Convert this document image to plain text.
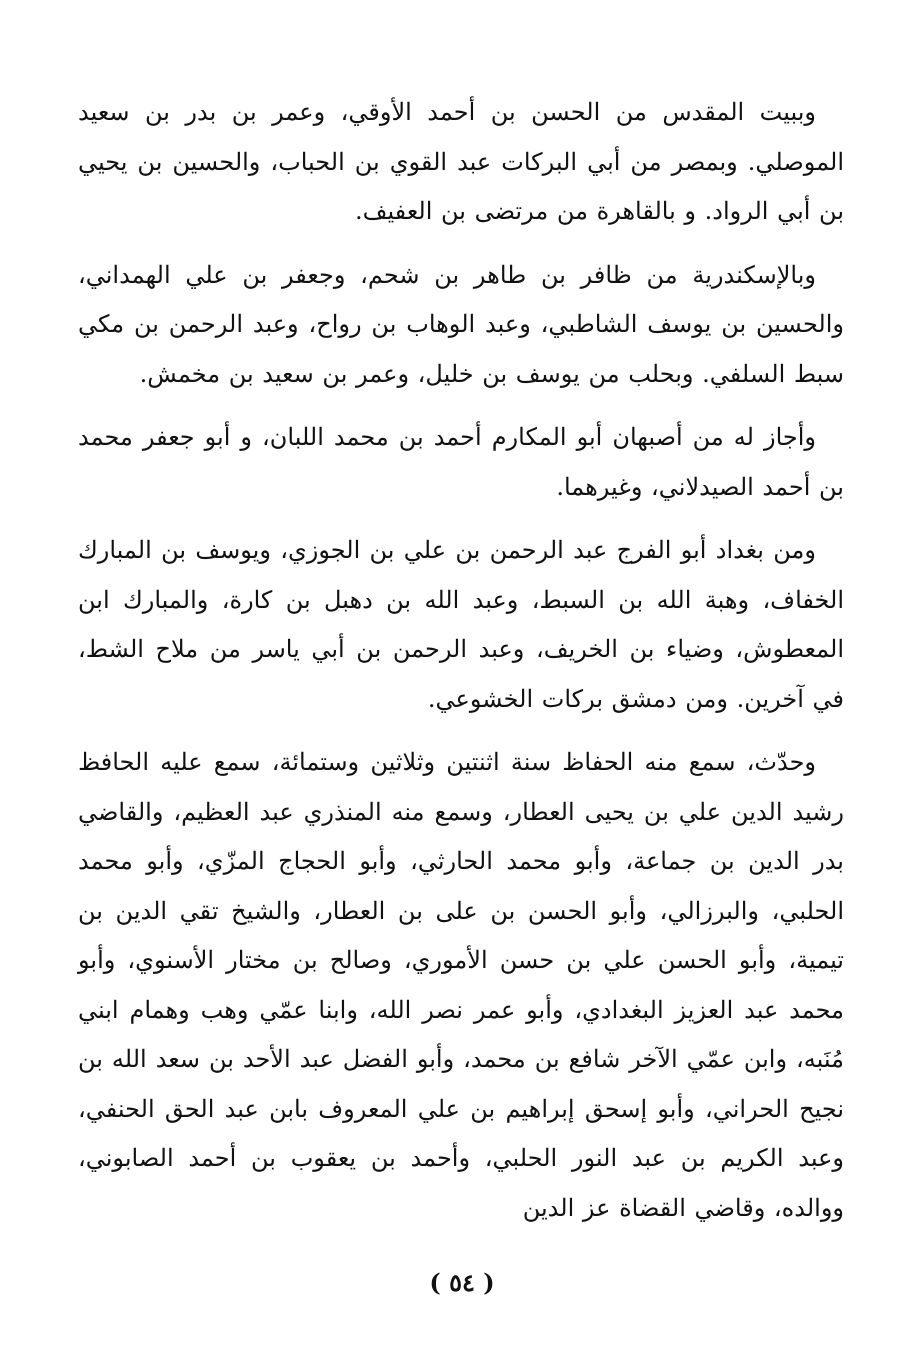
وببيت المقدس من الحسن بن أحمد الأوقي، وعمر بن بدر بن سعيد الموصلي. وبمصر من أبي البركات عبد القوي بن الحباب، والحسين بن يحيي بن أبي الرواد. و بالقاهرة من مرتضى بن العفيف.

وبالإسكندرية من ظافر بن طاهر بن شحم، وجعفر بن علي الهمداني، والحسين بن يوسف الشاطبي، وعبد الوهاب بن رواح، وعبد الرحمن بن مكي سبط السلفي. وبحلب من يوسف بن خليل، وعمر بن سعيد بن مخمش.

وأجاز له من أصبهان أبو المكارم أحمد بن محمد اللبان، و أبو جعفر محمد بن أحمد الصيدلاني، وغيرهما.

ومن بغداد أبو الفرج عبد الرحمن بن علي بن الجوزي، ويوسف بن المبارك الخفاف، وهبة الله بن السبط، وعبد الله بن دهبل بن كارة، والمبارك ابن المعطوش، وضياء بن الخريف، وعبد الرحمن بن أبي ياسر من ملاح الشط، في آخرين. ومن دمشق بركات الخشوعي.

وحدّث، سمع منه الحفاظ سنة اثنتين وثلاثين وستمائة، سمع عليه الحافظ رشيد الدين علي بن يحيى العطار، وسمع منه المنذري عبد العظيم، والقاضي بدر الدين بن جماعة، وأبو محمد الحارثي، وأبو الحجاج المزّي، وأبو محمد الحلبي، والبرزالي، وأبو الحسن بن على بن العطار، والشيخ تقي الدين بن تيمية، وأبو الحسن علي بن حسن الأموري، وصالح بن مختار الأسنوي، وأبو محمد عبد العزيز البغدادي، وأبو عمر نصر الله، وابنا عمّي وهب وهمام ابني مُنَبه، وابن عمّي الآخر شافع بن محمد، وأبو الفضل عبد الأحد بن سعد الله بن نجيح الحراني، وأبو إسحق إبراهيم بن علي المعروف بابن عبد الحق الحنفي، وعبد الكريم بن عبد النور الحلبي، وأحمد بن يعقوب بن أحمد الصابوني، ووالده، وقاضي القضاة عز الدين

( ٥٤ )
